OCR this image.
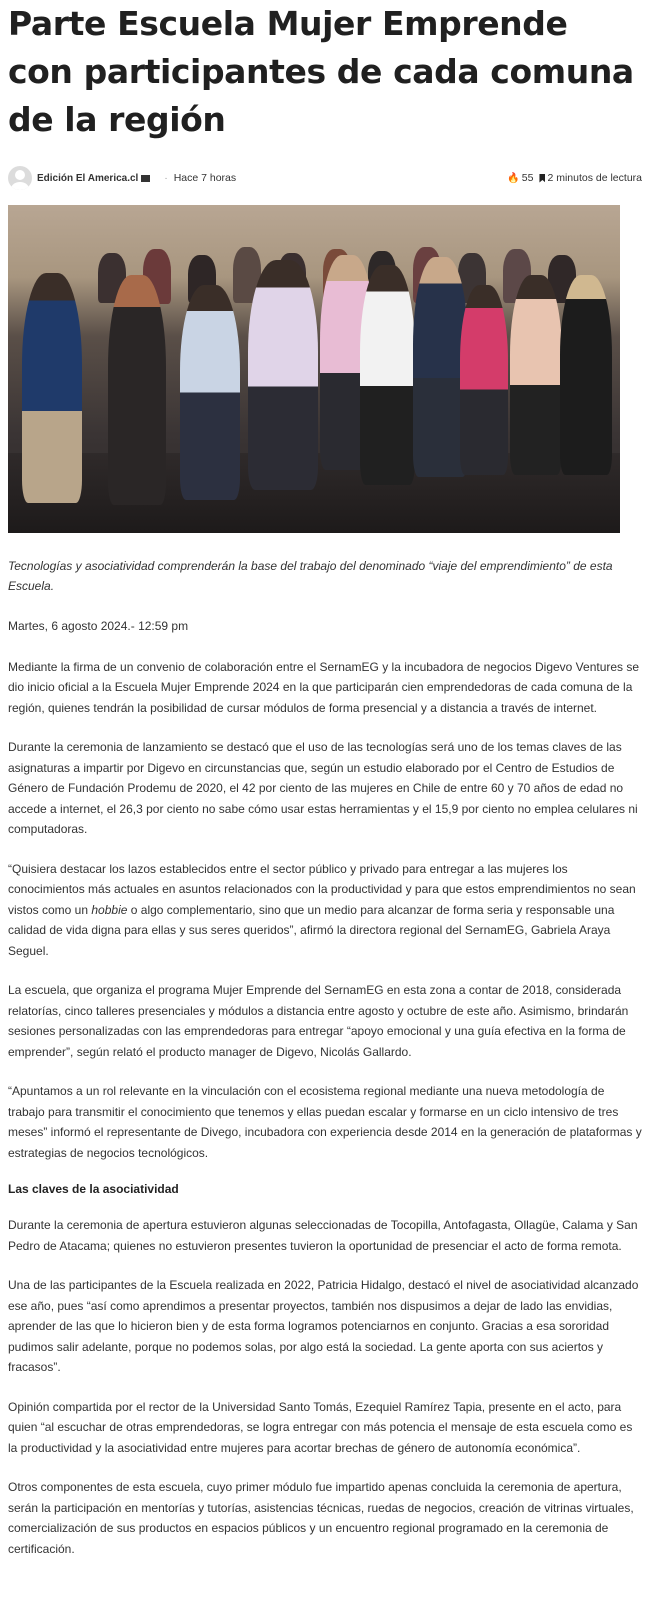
Parte Escuela Mujer Emprende con participantes de cada comuna de la región
Edición El America.cl	· Hace 7 horas	🔥 55 2 minutos de lectura

Tecnologías y asociatividad comprenderán la base del trabajo del denominado “viaje del emprendimiento” de esta Escuela.

Martes, 6 agosto 2024.- 12:59 pm

Mediante la firma de un convenio de colaboración entre el SernamEG y la incubadora de negocios Digevo Ventures se dio inicio oficial a la Escuela Mujer Emprende 2024 en la que participarán cien emprendedoras de cada comuna de la región, quienes tendrán la posibilidad de cursar módulos de forma presencial y a distancia a través de internet.

Durante la ceremonia de lanzamiento se destacó que el uso de las tecnologías será uno de los temas claves de las asignaturas a impartir por Digevo en circunstancias que, según un estudio elaborado por el Centro de Estudios de Género de Fundación Prodemu de 2020, el 42 por ciento de las mujeres en Chile de entre 60 y 70 años de edad no accede a internet, el 26,3 por ciento no sabe cómo usar estas herramientas y el 15,9 por ciento no emplea celulares ni computadoras.

“Quisiera destacar los lazos establecidos entre el sector público y privado para entregar a las mujeres los conocimientos más actuales en asuntos relacionados con la productividad y para que estos emprendimientos no sean vistos como un hobbie o algo complementario, sino que un medio para alcanzar de forma seria y responsable una calidad de vida digna para ellas y sus seres queridos”, afirmó la directora regional del SernamEG, Gabriela Araya Seguel.

La escuela, que organiza el programa Mujer Emprende del SernamEG en esta zona a contar de 2018, considerada relatorías, cinco talleres presenciales y módulos a distancia entre agosto y octubre de este año. Asimismo, brindarán sesiones personalizadas con las emprendedoras para entregar “apoyo emocional y una guía efectiva en la forma de emprender”, según relató el producto manager de Digevo, Nicolás Gallardo.

“Apuntamos a un rol relevante en la vinculación con el ecosistema regional mediante una nueva metodología de trabajo para transmitir el conocimiento que tenemos y ellas puedan escalar y formarse en un ciclo intensivo de tres meses” informó el representante de Divego, incubadora con experiencia desde 2014 en la generación de plataformas y estrategias de negocios tecnológicos.

Las claves de la asociatividad

Durante la ceremonia de apertura estuvieron algunas seleccionadas de Tocopilla, Antofagasta, Ollagüe, Calama y San Pedro de Atacama; quienes no estuvieron presentes tuvieron la oportunidad de presenciar el acto de forma remota.

Una de las participantes de la Escuela realizada en 2022, Patricia Hidalgo, destacó el nivel de asociatividad alcanzado ese año, pues “así como aprendimos a presentar proyectos, también nos dispusimos a dejar de lado las envidias, aprender de las que lo hicieron bien y de esta forma logramos potenciarnos en conjunto. Gracias a esa sororidad pudimos salir adelante, porque no podemos solas, por algo está la sociedad. La gente aporta con sus aciertos y fracasos”.

Opinión compartida por el rector de la Universidad Santo Tomás, Ezequiel Ramírez Tapia, presente en el acto, para quien “al escuchar de otras emprendedoras, se logra entregar con más potencia el mensaje de esta escuela como es la productividad y la asociatividad entre mujeres para acortar brechas de género de autonomía económica”.

Otros componentes de esta escuela, cuyo primer módulo fue impartido apenas concluida la ceremonia de apertura, serán la participación en mentorías y tutorías, asistencias técnicas, ruedas de negocios, creación de vitrinas virtuales, comercialización de sus productos en espacios públicos y un encuentro regional programado en la ceremonia de certificación.
